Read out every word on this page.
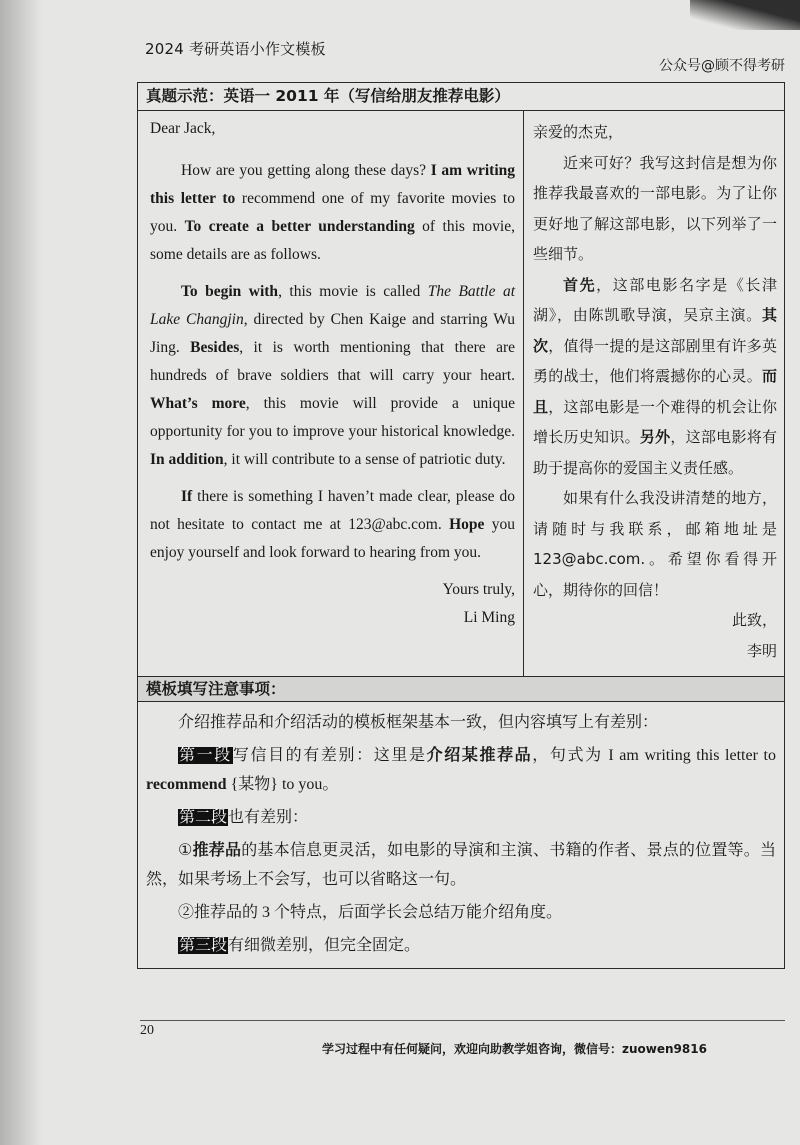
2024 考研英语小作文模板
公众号@顾不得考研
真题示范：英语一 2011 年（写信给朋友推荐电影）

Dear Jack,

How are you getting along these days? I am writing this letter to recommend one of my favorite movies to you. To create a better understanding of this movie, some details are as follows.

To begin with, this movie is called The Battle at Lake Changjin, directed by Chen Kaige and starring Wu Jing. Besides, it is worth mentioning that there are hundreds of brave soldiers that will carry your heart. What’s more, this movie will provide a unique opportunity for you to improve your historical knowledge. In addition, it will contribute to a sense of patriotic duty.

If there is something I haven’t made clear, please do not hesitate to contact me at 123@abc.com. Hope you enjoy yourself and look forward to hearing from you.

Yours truly,

Li Ming

亲爱的杰克，

近来可好？我写这封信是想为你推荐我最喜欢的一部电影。为了让你更好地了解这部电影，以下列举了一些细节。

首先，这部电影名字是《长津湖》，由陈凯歌导演，吴京主演。其次，值得一提的是这部剧里有许多英勇的战士，他们将震撼你的心灵。而且，这部电影是一个难得的机会让你增长历史知识。另外，这部电影将有助于提高你的爱国主义责任感。

如果有什么我没讲清楚的地方，请随时与我联系，邮箱地址是123@abc.com.。希望你看得开心，期待你的回信！

此致，

李明

模板填写注意事项：

介绍推荐品和介绍活动的模板框架基本一致，但内容填写上有差别：

第一段写信目的有差别：这里是介绍某推荐品，句式为 I am writing this letter to recommend {某物} to you。

第二段也有差别：

①推荐品的基本信息更灵活，如电影的导演和主演、书籍的作者、景点的位置等。当然，如果考场上不会写，也可以省略这一句。

②推荐品的 3 个特点，后面学长会总结万能介绍角度。

第三段有细微差别，但完全固定。

20
学习过程中有任何疑问，欢迎向助教学姐咨询，微信号：zuowen9816
